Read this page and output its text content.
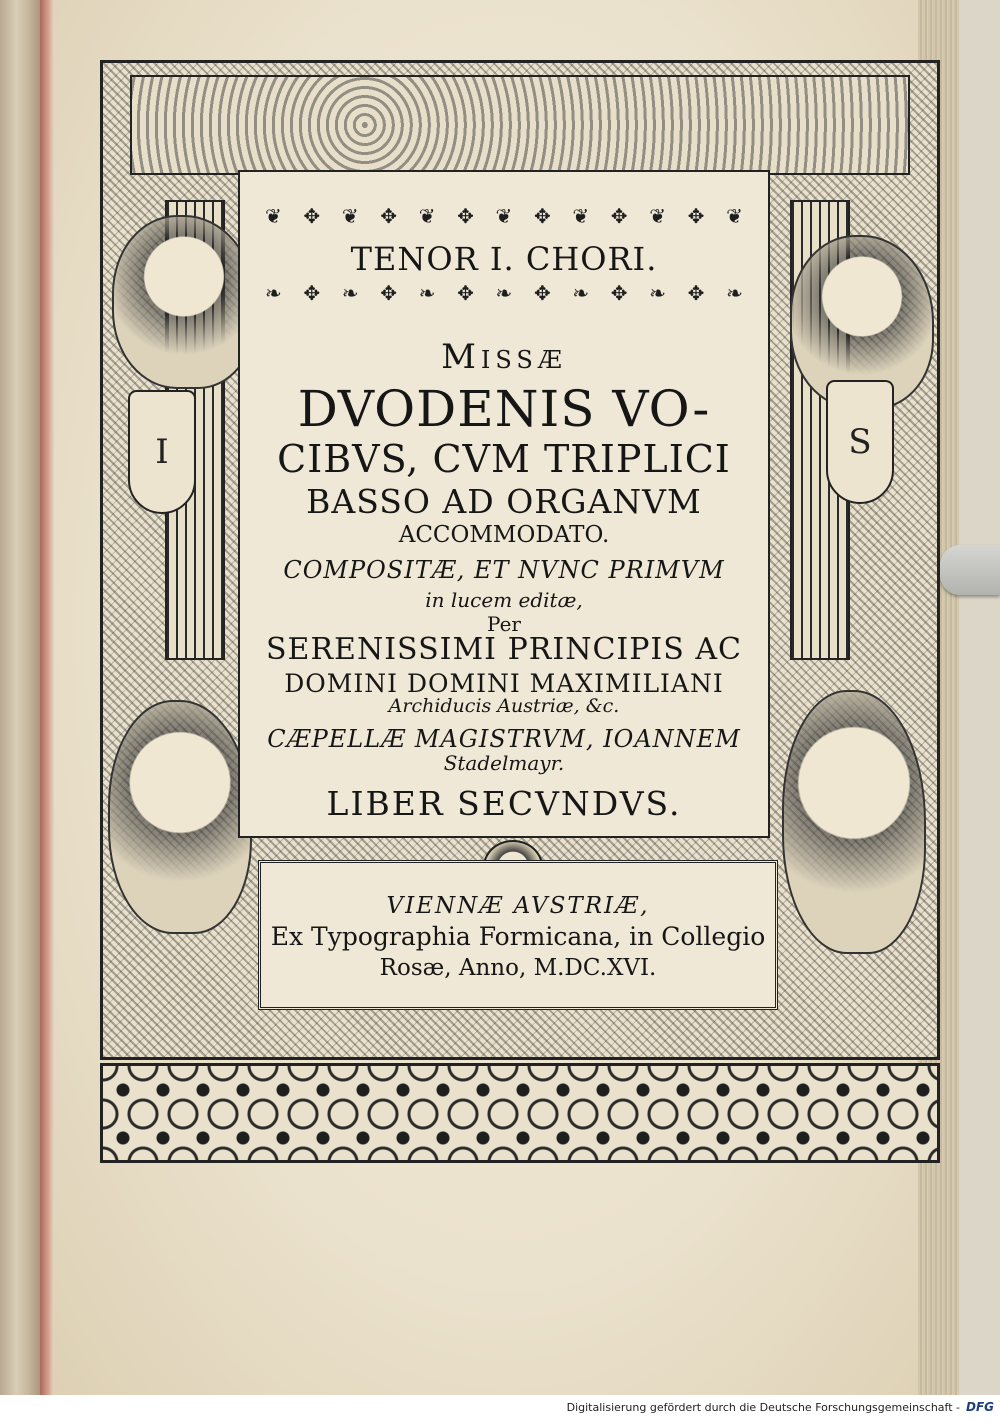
I	S
❦ ✥ ❦ ✥ ❦ ✥ ❦ ✥ ❦ ✥ ❦ ✥ ❦
❧ ✥ ❧ ✥ ❧ ✥ ❧ ✥ ❧ ✥ ❧ ✥ ❧
TENOR I. CHORI.
Missæ
DVODENIS VO-
CIBVS, CVM TRIPLICI
BASSO AD ORGANVM
ACCOMMODATO.
COMPOSITÆ, ET NVNC PRIMVM
in lucem editæ,
Per
SERENISSIMI PRINCIPIS AC
DOMINI DOMINI MAXIMILIANI
Archiducis Austriæ, &c.
CÆPELLÆ MAGISTRVM, IOANNEM
Stadelmayr.
LIBER SECVNDVS.
VIENNÆ AVSTRIÆ,
Ex Typographia Formicana, in Collegio
Rosæ, Anno, M.DC.XVI.
Digitalisierung gefördert durch die Deutsche Forschungsgemeinschaft - DFG
